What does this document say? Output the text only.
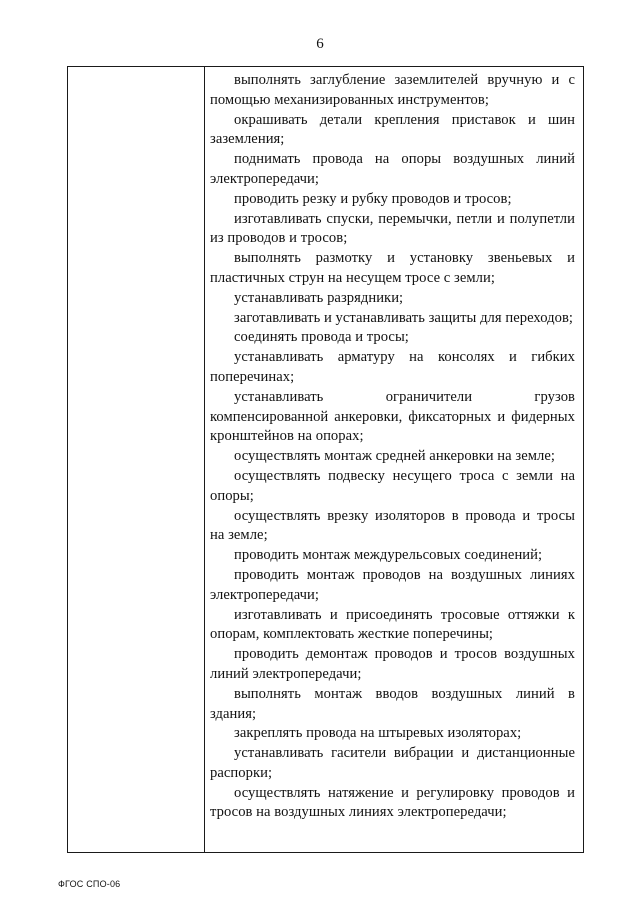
6

выполнять заглубление заземлителей вручную и с помощью механизированных инструментов;

окрашивать детали крепления приставок и шин заземления;

поднимать провода на опоры воздушных линий электропередачи;

проводить резку и рубку проводов и тросов;

изготавливать спуски, перемычки, петли и полупетли из проводов и тросов;

выполнять размотку и установку звеньевых и пластичных струн на несущем тросе с земли;

устанавливать разрядники;

заготавливать и устанавливать защиты для переходов;

соединять провода и тросы;

устанавливать арматуру на консолях и гибких поперечинах;

устанавливать ограничители грузов компенсированной анкеровки, фиксаторных и фидерных кронштейнов на опорах;

осуществлять монтаж средней анкеровки на земле;

осуществлять подвеску несущего троса с земли на опоры;

осуществлять врезку изоляторов в провода и тросы на земле;

проводить монтаж междурельсовых соединений;

проводить монтаж проводов на воздушных линиях электропередачи;

изготавливать и присоединять тросовые оттяжки к опорам, комплектовать жесткие поперечины;

проводить демонтаж проводов и тросов воздушных линий электропередачи;

выполнять монтаж вводов воздушных линий в здания;

закреплять провода на штыревых изоляторах;

устанавливать гасители вибрации и дистанционные распорки;

осуществлять натяжение и регулировку проводов и тросов на воздушных линиях электропередачи;

ФГОС СПО-06
